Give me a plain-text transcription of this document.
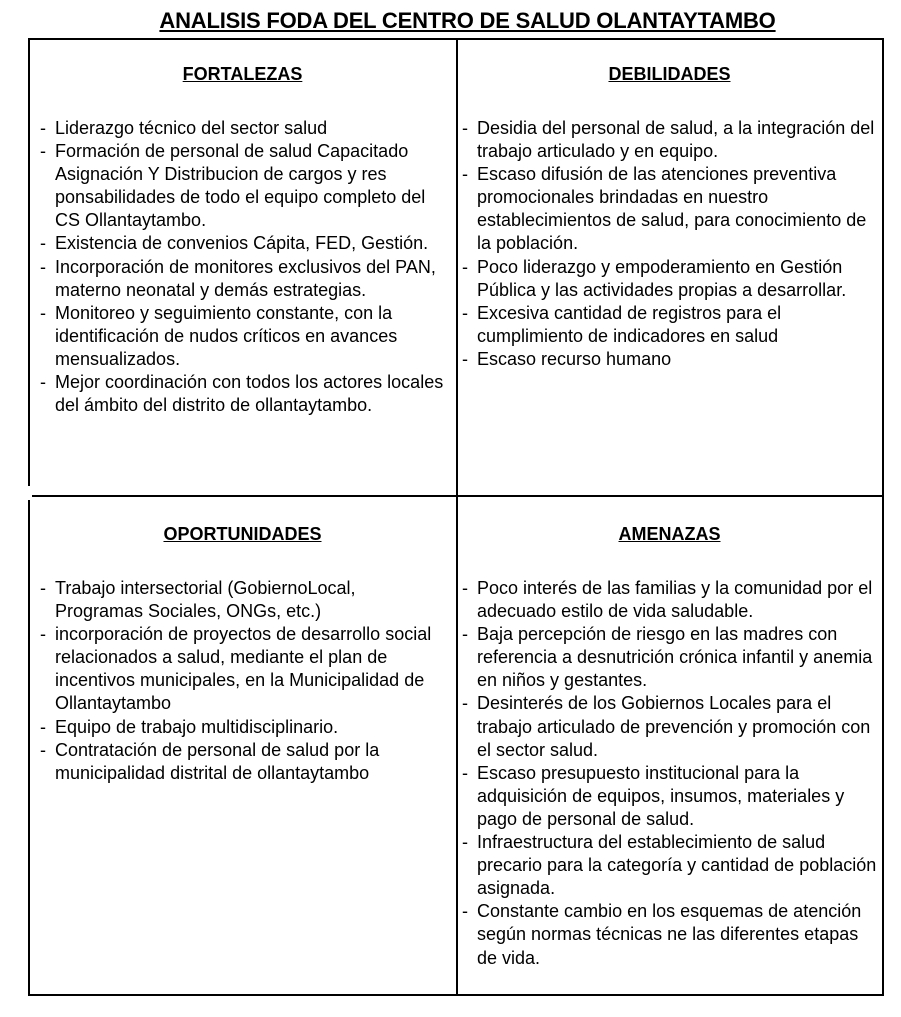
ANALISIS FODA DEL CENTRO DE SALUD OLANTAYTAMBO
FORTALEZAS
- Liderazgo técnico del sector salud
- Formación de personal de salud Capacitado Asignación Y Distribucion de cargos y res ponsabilidades de todo el equipo completo del CS Ollantaytambo.
- Existencia de convenios Cápita, FED, Gestión.
- Incorporación de monitores exclusivos del PAN, materno neonatal y demás estrategias.
- Monitoreo y seguimiento constante, con la identificación de nudos críticos en avances mensualizados.
- Mejor coordinación con todos los actores locales del ámbito del distrito de ollantaytambo.
DEBILIDADES
- Desidia del personal de salud, a la integración del trabajo articulado y en equipo.
- Escaso difusión de las atenciones preventiva promocionales brindadas en nuestro establecimientos de salud, para conocimiento de la población.
- Poco liderazgo y empoderamiento en Gestión Pública y las actividades propias a desarrollar.
- Excesiva cantidad de registros para el cumplimiento de indicadores en salud
- Escaso recurso humano
OPORTUNIDADES
- Trabajo intersectorial (GobiernoLocal, Programas Sociales, ONGs, etc.)
- incorporación de proyectos de desarrollo social relacionados a salud, mediante el plan de incentivos municipales, en la Municipalidad de Ollantaytambo
- Equipo de trabajo multidisciplinario.
- Contratación de personal de salud por la municipalidad distrital de ollantaytambo
AMENAZAS
- Poco interés de las familias y la comunidad por el adecuado estilo de vida saludable.
- Baja percepción de riesgo en las madres con referencia a desnutrición crónica infantil y anemia en niños y gestantes.
- Desinterés de los Gobiernos Locales para el trabajo articulado de prevención y promoción con el sector salud.
- Escaso presupuesto institucional para la adquisición de equipos, insumos, materiales y pago de personal de salud.
- Infraestructura del establecimiento de salud precario para la categoría y cantidad de población asignada.
- Constante cambio en los esquemas de atención según normas técnicas ne las diferentes etapas de vida.
